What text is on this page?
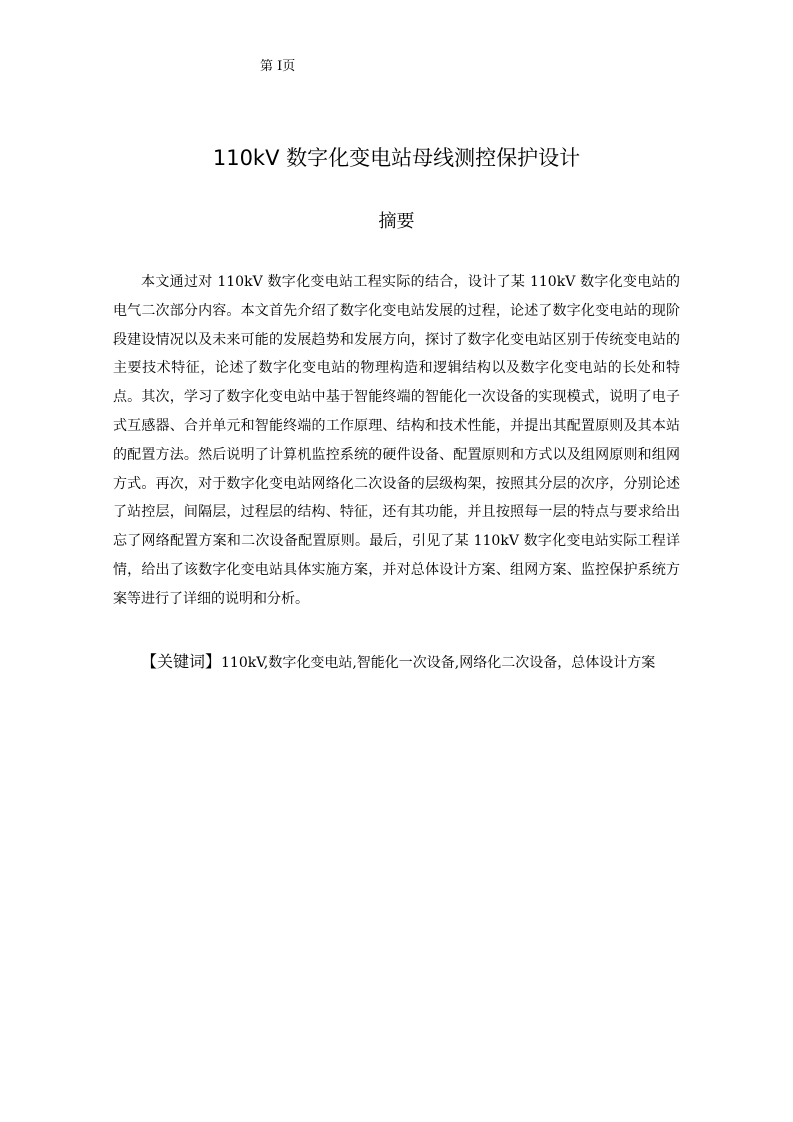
第 I页
110kV 数字化变电站母线测控保护设计
摘要

本文通过对 110kV 数字化变电站工程实际的结合，设计了某 110kV 数字化变电站的电气二次部分内容。本文首先介绍了数字化变电站发展的过程，论述了数字化变电站的现阶段建设情况以及未来可能的发展趋势和发展方向，探讨了数字化变电站区别于传统变电站的主要技术特征，论述了数字化变电站的物理构造和逻辑结构以及数字化变电站的长处和特点。其次，学习了数字化变电站中基于智能终端的智能化一次设备的实现模式，说明了电子式互感器、合并单元和智能终端的工作原理、结构和技术性能，并提出其配置原则及其本站的配置方法。然后说明了计算机监控系统的硬件设备、配置原则和方式以及组网原则和组网方式。再次，对于数字化变电站网络化二次设备的层级构架，按照其分层的次序，分别论述了站控层，间隔层，过程层的结构、特征，还有其功能，并且按照每一层的特点与要求给出忘了网络配置方案和二次设备配置原则。最后，引见了某 110kV 数字化变电站实际工程详情，给出了该数字化变电站具体实施方案，并对总体设计方案、组网方案、监控保护系统方案等进行了详细的说明和分析。

【关键词】110kV,数字化变电站,智能化一次设备,网络化二次设备，总体设计方案
